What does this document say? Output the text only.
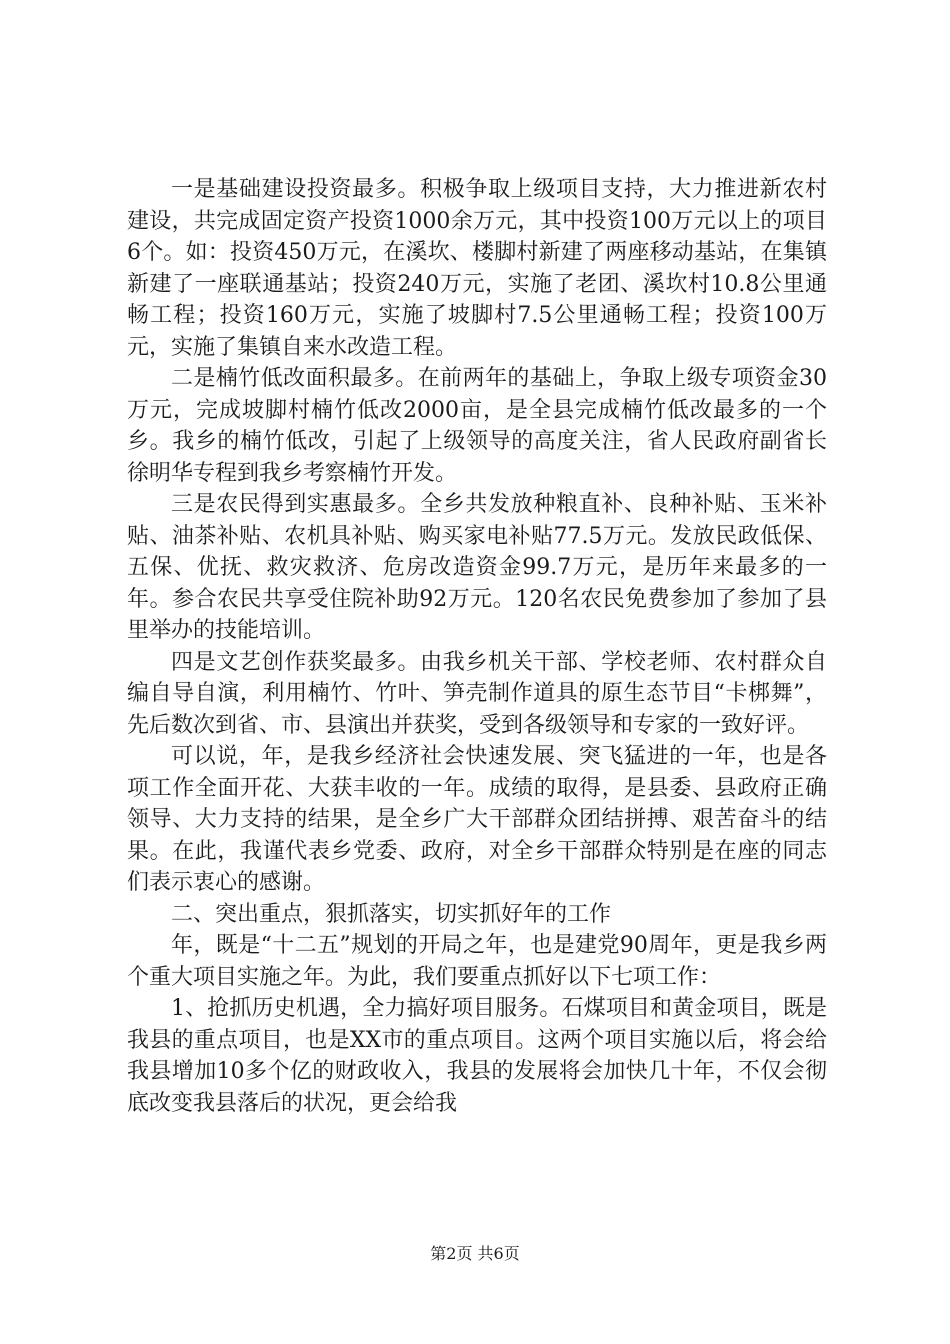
一是基础建设投资最多。积极争取上级项目支持，大力推进新农村建设，共完成固定资产投资1000余万元，其中投资100万元以上的项目6个。如：投资450万元，在溪坎、楼脚村新建了两座移动基站，在集镇新建了一座联通基站；投资240万元，实施了老团、溪坎村10.8公里通畅工程；投资160万元，实施了坡脚村7.5公里通畅工程；投资100万元，实施了集镇自来水改造工程。

二是楠竹低改面积最多。在前两年的基础上，争取上级专项资金30万元，完成坡脚村楠竹低改2000亩，是全县完成楠竹低改最多的一个乡。我乡的楠竹低改，引起了上级领导的高度关注，省人民政府副省长徐明华专程到我乡考察楠竹开发。

三是农民得到实惠最多。全乡共发放种粮直补、良种补贴、玉米补贴、油茶补贴、农机具补贴、购买家电补贴77.5万元。发放民政低保、五保、优抚、救灾救济、危房改造资金99.7万元，是历年来最多的一年。参合农民共享受住院补助92万元。120名农民免费参加了参加了县里举办的技能培训。

四是文艺创作获奖最多。由我乡机关干部、学校老师、农村群众自编自导自演，利用楠竹、竹叶、笋壳制作道具的原生态节目“卡梆舞”，先后数次到省、市、县演出并获奖，受到各级领导和专家的一致好评。

可以说，年，是我乡经济社会快速发展、突飞猛进的一年，也是各项工作全面开花、大获丰收的一年。成绩的取得，是县委、县政府正确领导、大力支持的结果，是全乡广大干部群众团结拼搏、艰苦奋斗的结果。在此，我谨代表乡党委、政府，对全乡干部群众特别是在座的同志们表示衷心的感谢。

二、突出重点，狠抓落实，切实抓好年的工作

年，既是“十二五”规划的开局之年，也是建党90周年，更是我乡两个重大项目实施之年。为此，我们要重点抓好以下七项工作：

1、抢抓历史机遇，全力搞好项目服务。石煤项目和黄金项目，既是我县的重点项目，也是XX市的重点项目。这两个项目实施以后，将会给我县增加10多个亿的财政收入，我县的发展将会加快几十年，不仅会彻底改变我县落后的状况，更会给我

第2页 共6页
